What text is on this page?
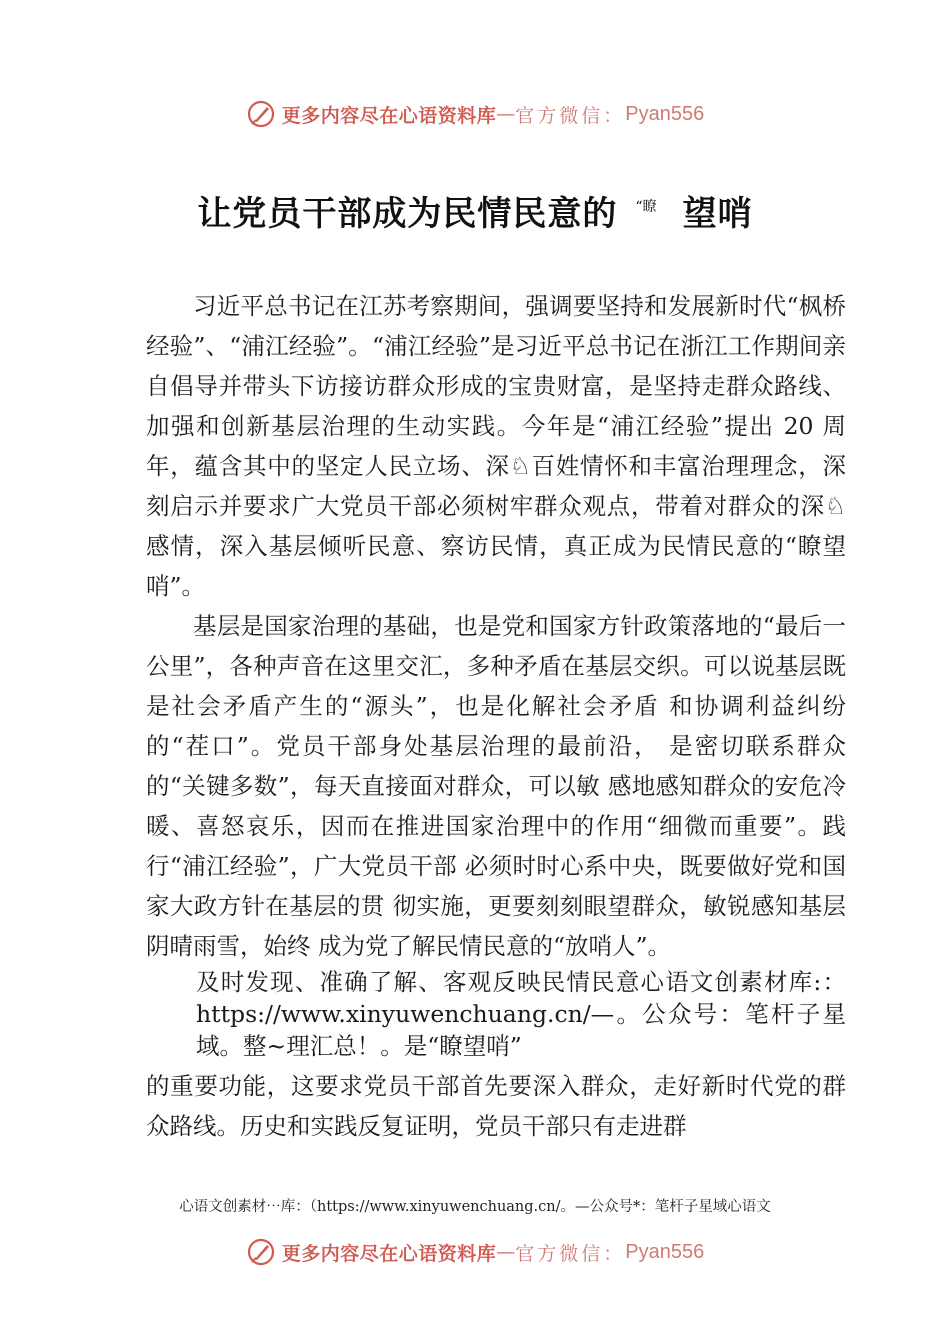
更多内容尽在心语资料库 — 官方微信： Pyan556
让党员干部成为民情民意的 $^{“瞭}$ 望哨

习近平总书记在江苏考察期间，强调要坚持和发展新时代“枫桥经验”、“浦江经验”。“浦江经验”是习近平总书记在浙江工作期间亲自倡导并带头下访接访群众形成的宝贵财富，是坚持走群众路线、加强和创新基层治理的生动实践。今年是“浦江经验”提出 20 周年，蕴含其中的坚定人民立场、深♘百姓情怀和丰富治理理念，深刻启示并要求广大党员干部必须树牢群众观点，带着对群众的深♘感情，深入基层倾听民意、察访民情，真正成为民情民意的“瞭望哨”。

基层是国家治理的基础，也是党和国家方针政策落地的“最后一公里”，各种声音在这里交汇，多种矛盾在基层交织。可以说基层既是社会矛盾产生的“源头”，也是化解社会矛盾 和协调利益纠纷的“茬口”。党员干部身处基层治理的最前沿， 是密切联系群众的“关键多数”，每天直接面对群众，可以敏 感地感知群众的安危冷暖、喜怒哀乐，因而在推进国家治理中的作用“细微而重要”。践行“浦江经验”，广大党员干部 必须时时心系中央，既要做好党和国家大政方针在基层的贯 彻实施，更要刻刻眼望群众，敏锐感知基层阴晴雨雪，始终 成为党了解民情民意的“放哨人”。

及时发现、准确了解、客观反映民情民意心语文创素材库:：https://www.xinyuwenchuang.cn/—。公众号：笔杆子星域。整~理汇总！。是“瞭望哨”

的重要功能，这要求党员干部首先要深入群众，走好新时代党的群众路线。历史和实践反复证明，党员干部只有走进群

心语文创素材⋯库：（https://www.xinyuwenchuang.cn/。—公众号*：笔杆子星域心语文
更多内容尽在心语资料库 — 官方微信： Pyan556
